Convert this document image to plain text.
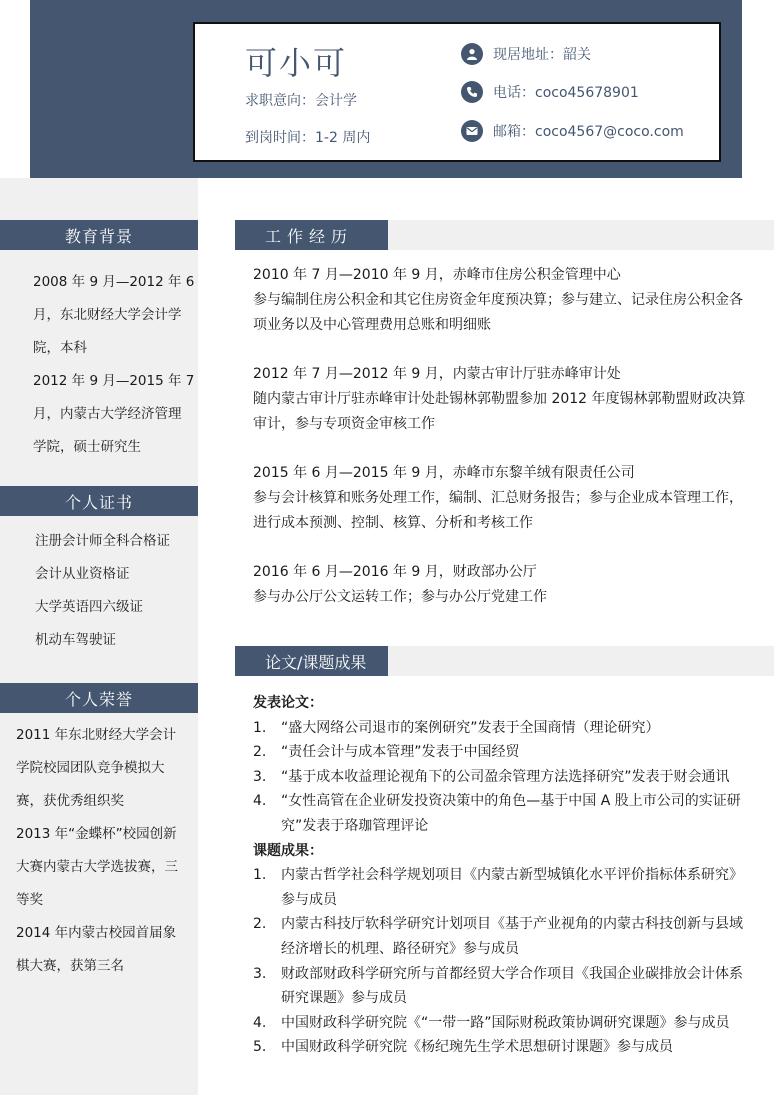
可小可
求职意向：会计学
到岗时间：1-2 周内
现居地址：韶关
电话：coco45678901
邮箱：coco4567@coco.com
教育背景
2008 年 9 月—2012 年 6
月，东北财经大学会计学
院，本科
2012 年 9 月—2015 年 7
月，内蒙古大学经济管理
学院，硕士研究生
个人证书
注册会计师全科合格证
会计从业资格证
大学英语四六级证
机动车驾驶证
个人荣誉
2011 年东北财经大学会计
学院校园团队竞争模拟大
赛，获优秀组织奖
2013 年“金蝶杯”校园创新
大赛内蒙古大学选拔赛，三
等奖
2014 年内蒙古校园首届象
棋大赛，获第三名
工作经历
2010 年 7 月—2010 年 9 月，赤峰市住房公积金管理中心
参与编制住房公积金和其它住房资金年度预决算；参与建立、记录住房公积金各项业务以及中心管理费用总账和明细账
2012 年 7 月—2012 年 9 月，内蒙古审计厅驻赤峰审计处
随内蒙古审计厅驻赤峰审计处赴锡林郭勒盟参加 2012 年度锡林郭勒盟财政决算审计，参与专项资金审核工作
2015 年 6 月—2015 年 9 月，赤峰市东黎羊绒有限责任公司
参与会计核算和账务处理工作，编制、汇总财务报告；参与企业成本管理工作，进行成本预测、控制、核算、分析和考核工作
2016 年 6 月—2016 年 9 月，财政部办公厅
参与办公厅公文运转工作；参与办公厅党建工作
论文/课题成果
发表论文：
1.	“盛大网络公司退市的案例研究”发表于全国商情（理论研究）
2.	“责任会计与成本管理”发表于中国经贸
3.	“基于成本收益理论视角下的公司盈余管理方法选择研究”发表于财会通讯
4.	“女性高管在企业研发投资决策中的角色—基于中国 A 股上市公司的实证研究”发表于珞珈管理评论
课题成果：
1.	内蒙古哲学社会科学规划项目《内蒙古新型城镇化水平评价指标体系研究》参与成员
2.	内蒙古科技厅软科学研究计划项目《基于产业视角的内蒙古科技创新与县域经济增长的机理、路径研究》参与成员
3.	财政部财政科学研究所与首都经贸大学合作项目《我国企业碳排放会计体系研究课题》参与成员
4.	中国财政科学研究院《“一带一路”国际财税政策协调研究课题》参与成员
5.	中国财政科学研究院《杨纪琬先生学术思想研讨课题》参与成员
